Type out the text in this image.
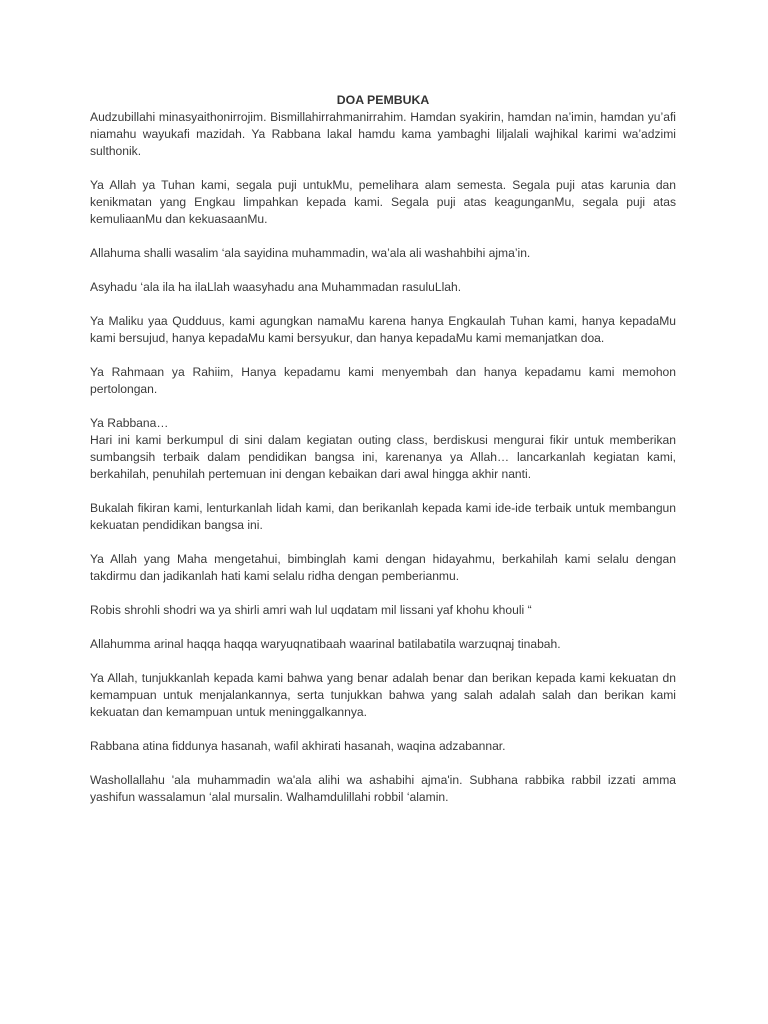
DOA PEMBUKA

Audzubillahi minasyaithonirrojim. Bismillahirrahmanirrahim. Hamdan syakirin, hamdan na’imin, hamdan yu’afi niamahu wayukafi mazidah. Ya Rabbana lakal hamdu kama yambaghi liljalali wajhikal karimi wa’adzimi sulthonik.

Ya Allah ya Tuhan kami, segala puji untukMu, pemelihara alam semesta. Segala puji atas karunia dan kenikmatan yang Engkau limpahkan kepada kami. Segala puji atas keagunganMu, segala puji atas kemuliaanMu dan kekuasaanMu.

Allahuma shalli wasalim ‘ala sayidina muhammadin, wa’ala ali washahbihi ajma’in.

Asyhadu ‘ala ila ha ilaLlah waasyhadu ana Muhammadan rasuluLlah.

Ya Maliku yaa Qudduus, kami agungkan namaMu karena hanya Engkaulah Tuhan kami, hanya kepadaMu kami bersujud, hanya kepadaMu kami bersyukur, dan hanya kepadaMu kami memanjatkan doa.

Ya Rahmaan ya Rahiim, Hanya kepadamu kami menyembah dan hanya kepadamu kami memohon pertolongan.

Ya Rabbana…

Hari ini kami berkumpul di sini dalam kegiatan outing class, berdiskusi mengurai fikir untuk memberikan sumbangsih terbaik dalam pendidikan bangsa ini, karenanya ya Allah… lancarkanlah kegiatan kami, berkahilah, penuhilah pertemuan ini dengan kebaikan dari awal hingga akhir nanti.

Bukalah fikiran kami, lenturkanlah lidah kami, dan berikanlah kepada kami ide-ide terbaik untuk membangun kekuatan pendidikan bangsa ini.

Ya Allah yang Maha mengetahui, bimbinglah kami dengan hidayahmu, berkahilah kami selalu dengan takdirmu dan jadikanlah hati kami selalu ridha dengan pemberianmu.

Robis shrohli shodri wa ya shirli amri wah lul uqdatam mil lissani yaf khohu khouli “

Allahumma arinal haqqa haqqa waryuqnatibaah waarinal batilabatila warzuqnaj tinabah.

Ya Allah, tunjukkanlah kepada kami bahwa yang benar adalah benar dan berikan kepada kami kekuatan dn kemampuan untuk menjalankannya, serta tunjukkan bahwa yang salah adalah salah dan berikan kami kekuatan dan kemampuan untuk meninggalkannya.

Rabbana atina fiddunya hasanah, wafil akhirati hasanah, waqina adzabannar.

Washollallahu 'ala muhammadin wa'ala alihi wa ashabihi ajma'in. Subhana rabbika rabbil izzati amma yashifun wassalamun ‘alal mursalin. Walhamdulillahi robbil ‘alamin.
